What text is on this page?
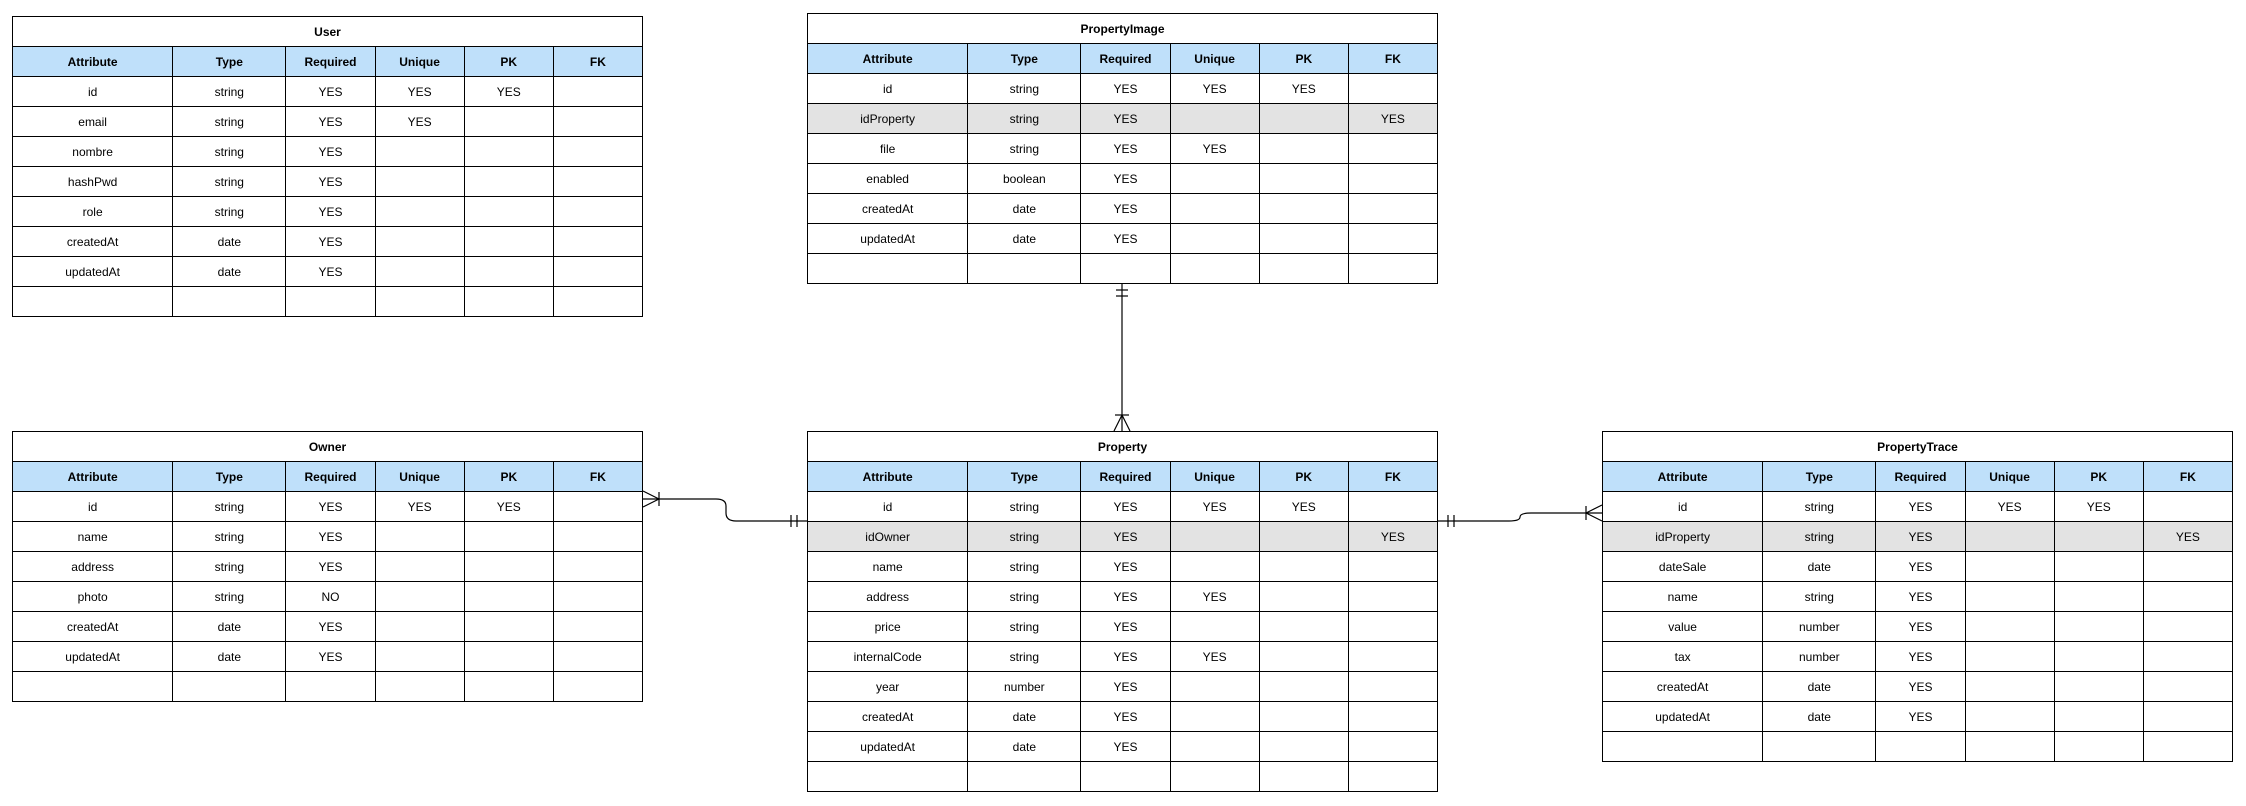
User					
Attribute	Type	Required	Unique	PK	FK
id	string	YES	YES	YES	
email	string	YES	YES		
nombre	string	YES			
hashPwd	string	YES			
role	string	YES			
createdAt	date	YES			
updatedAt	date	YES			

PropertyImage					
Attribute	Type	Required	Unique	PK	FK
id	string	YES	YES	YES	
idProperty	string	YES			YES
file	string	YES	YES		
enabled	boolean	YES			
createdAt	date	YES			
updatedAt	date	YES			

Owner					
Attribute	Type	Required	Unique	PK	FK
id	string	YES	YES	YES	
name	string	YES			
address	string	YES			
photo	string	NO			
createdAt	date	YES			
updatedAt	date	YES			

Property					
Attribute	Type	Required	Unique	PK	FK
id	string	YES	YES	YES	
idOwner	string	YES			YES
name	string	YES			
address	string	YES	YES		
price	string	YES			
internalCode	string	YES	YES		
year	number	YES			
createdAt	date	YES			
updatedAt	date	YES			

PropertyTrace					
Attribute	Type	Required	Unique	PK	FK
id	string	YES	YES	YES	
idProperty	string	YES			YES
dateSale	date	YES			
name	string	YES			
value	number	YES			
tax	number	YES			
createdAt	date	YES			
updatedAt	date	YES			
